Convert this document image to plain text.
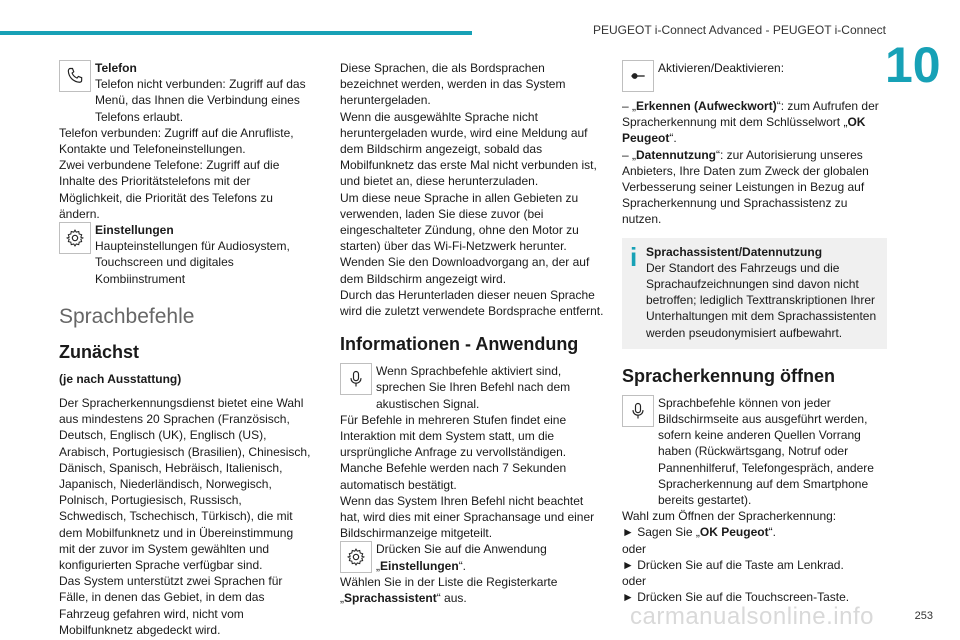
PEUGEOT i-Connect Advanced - PEUGEOT i-Connect
10

Telefon

Telefon nicht verbunden: Zugriff auf das Menü, das Ihnen die Verbindung eines Telefons erlaubt.

Telefon verbunden: Zugriff auf die Anrufliste, Kontakte und Telefoneinstellungen.

Zwei verbundene Telefone: Zugriff auf die Inhalte des Prioritätstelefons mit der Möglichkeit, die Priorität des Telefons zu ändern.

Einstellungen

Haupteinstellungen für Audiosystem, Touchscreen und digitales Kombiinstrument

Sprachbefehle
Zunächst

(je nach Ausstattung)

Der Spracherkennungsdienst bietet eine Wahl aus mindestens 20 Sprachen (Französisch, Deutsch, Englisch (UK), Englisch (US), Arabisch, Portugiesisch (Brasilien), Chinesisch, Dänisch, Spanisch, Hebräisch, Italienisch, Japanisch, Niederländisch, Norwegisch, Polnisch, Portugiesisch, Russisch, Schwedisch, Tschechisch, Türkisch), die mit dem Mobilfunknetz und in Übereinstimmung mit der zuvor im System gewählten und konfigurierten Sprache verfügbar sind.

Das System unterstützt zwei Sprachen für Fälle, in denen das Gebiet, in dem das Fahrzeug gefahren wird, nicht vom Mobilfunknetz abgedeckt wird.

Diese Sprachen, die als Bordsprachen bezeichnet werden, werden in das System heruntergeladen.

Wenn die ausgewählte Sprache nicht heruntergeladen wurde, wird eine Meldung auf dem Bildschirm angezeigt, sobald das Mobilfunknetz das erste Mal nicht verbunden ist, und bietet an, diese herunterzuladen.

Um diese neue Sprache in allen Gebieten zu verwenden, laden Sie diese zuvor (bei eingeschalteter Zündung, ohne den Motor zu starten) über das Wi-Fi-Netzwerk herunter.

Wenden Sie den Downloadvorgang an, der auf dem Bildschirm angezeigt wird.

Durch das Herunterladen dieser neuen Sprache wird die zuletzt verwendete Bordsprache entfernt.

Informationen - Anwendung

Wenn Sprachbefehle aktiviert sind, sprechen Sie Ihren Befehl nach dem akustischen Signal.

Für Befehle in mehreren Stufen findet eine Interaktion mit dem System statt, um die ursprüngliche Anfrage zu vervollständigen.

Manche Befehle werden nach 7 Sekunden automatisch bestätigt.

Wenn das System Ihren Befehl nicht beachtet hat, wird dies mit einer Sprachansage und einer Bildschirmanzeige mitgeteilt.

Drücken Sie auf die Anwendung „Einstellungen“.

Wählen Sie in der Liste die Registerkarte „Sprachassistent“ aus.

Aktivieren/Deaktivieren:

– „Erkennen (Aufweckwort)“: zum Aufrufen der Spracherkennung mit dem Schlüsselwort „OK Peugeot“.

– „Datennutzung“: zur Autorisierung unseres Anbieters, Ihre Daten zum Zweck der globalen Verbesserung seiner Leistungen in Bezug auf Spracherkennung und Sprachassistenz zu nutzen.

i Sprachassistent/Datennutzung

Der Standort des Fahrzeugs und die Sprachaufzeichnungen sind davon nicht betroffen; lediglich Texttranskriptionen Ihrer Unterhaltungen mit dem Sprachassistenten werden pseudonymisiert aufbewahrt.

Spracherkennung öffnen

Sprachbefehle können von jeder Bildschirmseite aus ausgeführt werden, sofern keine anderen Quellen Vorrang haben (Rückwärtsgang, Notruf oder Pannenhilferuf, Telefongespräch, andere Spracherkennung auf dem Smartphone bereits gestartet).

Wahl zum Öffnen der Spracherkennung:

► Sagen Sie „OK Peugeot“.

oder

► Drücken Sie auf die Taste am Lenkrad.

oder

► Drücken Sie auf die Touchscreen-Taste.

carmanualsonline.info	253
